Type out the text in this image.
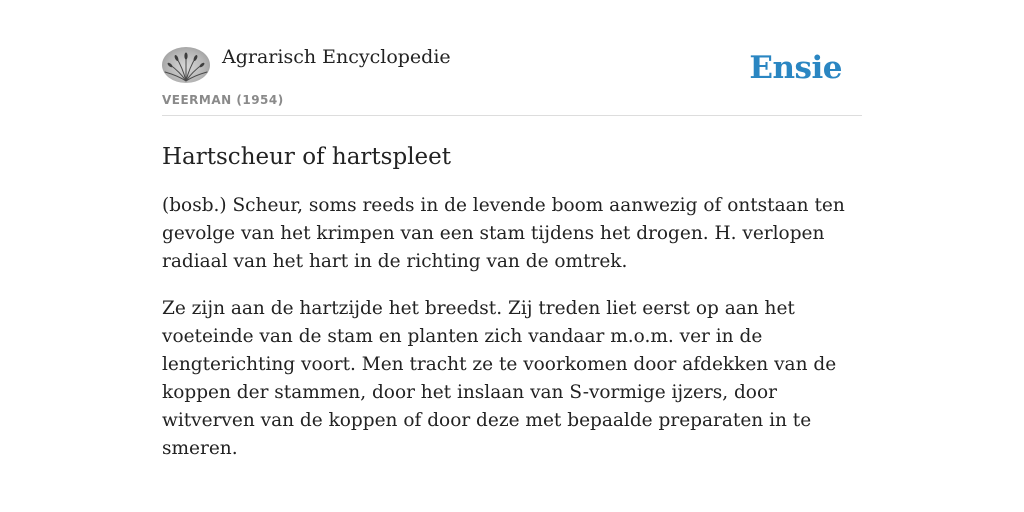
Agrarisch Encyclopedie
VEERMAN (1954)
Ensie
Hartscheur of hartspleet

(bosb.) Scheur, soms reeds in de levende boom aanwezig of ontstaan ten gevolge van het krimpen van een stam tijdens het drogen. H. verlopen radiaal van het hart in de richting van de omtrek.

Ze zijn aan de hartzijde het breedst. Zij treden liet eerst op aan het voeteinde van de stam en planten zich vandaar m.o.m. ver in de lengterichting voort. Men tracht ze te voorkomen door afdekken van de koppen der stammen, door het inslaan van S-vormige ijzers, door witverven van de koppen of door deze met bepaalde preparaten in te smeren.
